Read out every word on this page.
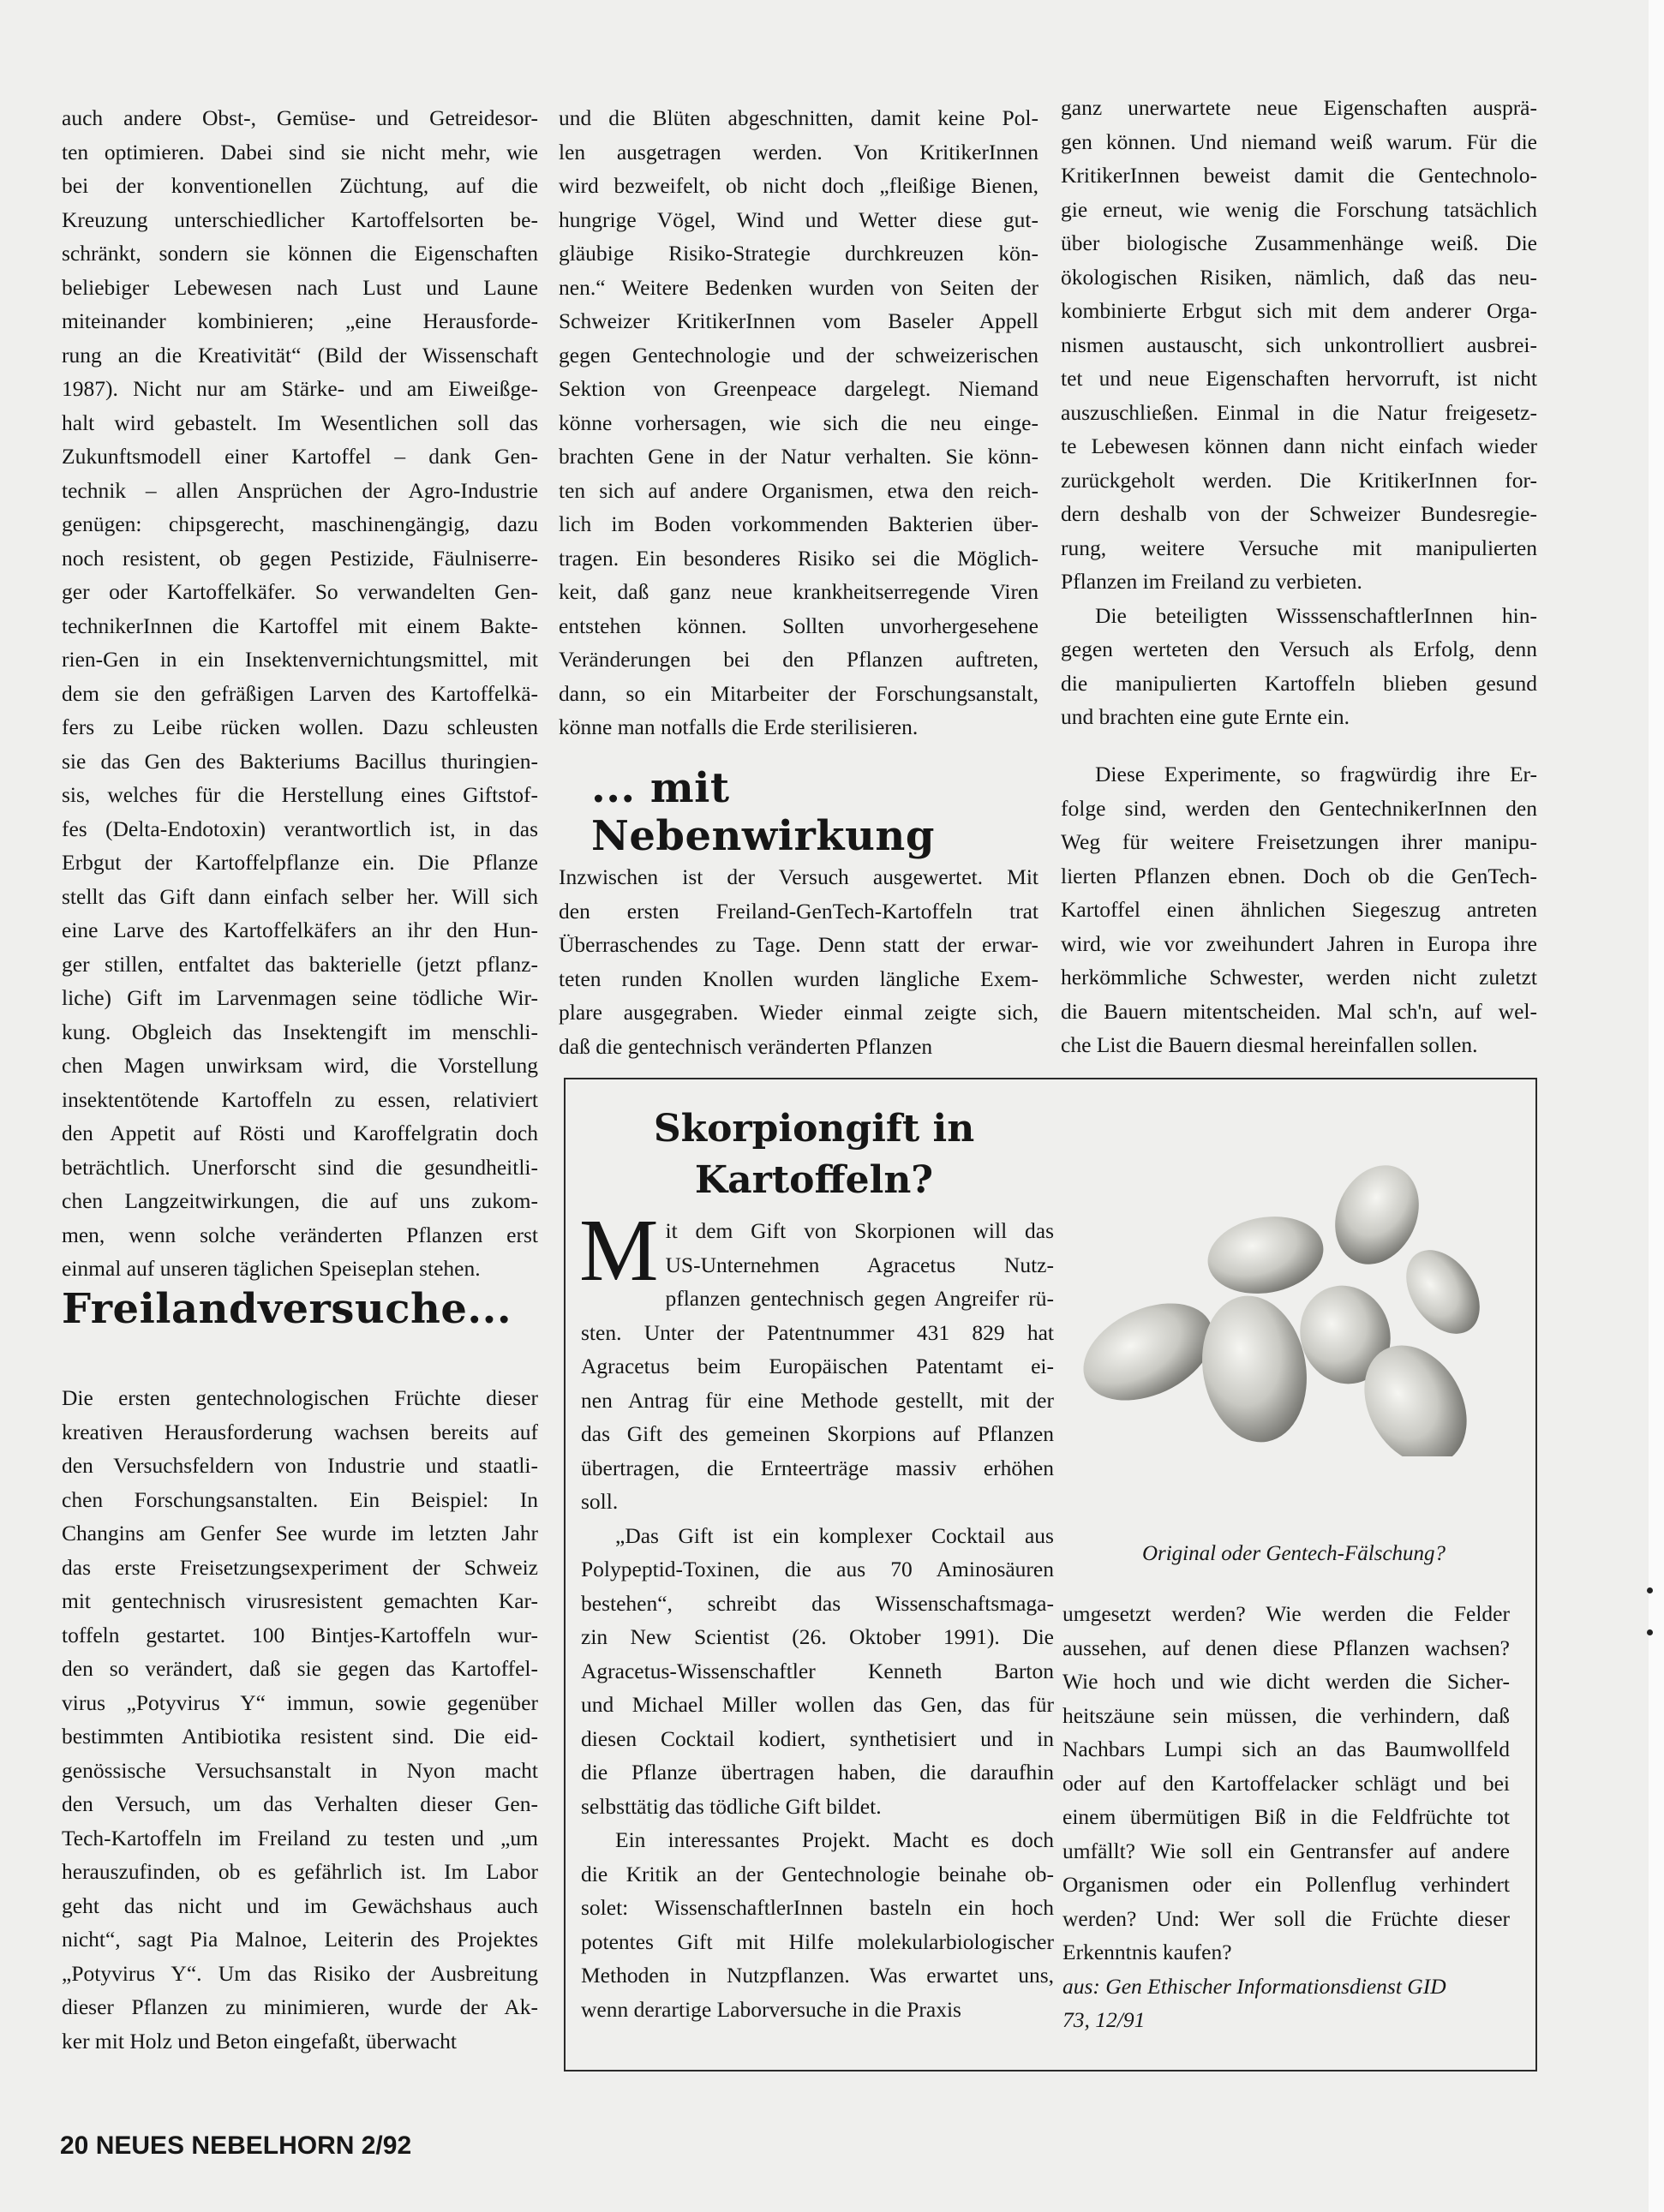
auch andere Obst-, Gemüse- und Getreidesor-
ten optimieren. Dabei sind sie nicht mehr, wie
bei der konventionellen Züchtung, auf die
Kreuzung unterschiedlicher Kartoffelsorten be-
schränkt, sondern sie können die Eigenschaften
beliebiger Lebewesen nach Lust und Laune
miteinander kombinieren; „eine Herausforde-
rung an die Kreativität“ (Bild der Wissenschaft
1987). Nicht nur am Stärke- und am Eiweißge-
halt wird gebastelt. Im Wesentlichen soll das
Zukunftsmodell einer Kartoffel – dank Gen-
technik – allen Ansprüchen der Agro-Industrie
genügen: chipsgerecht, maschinengängig, dazu
noch resistent, ob gegen Pestizide, Fäulniserre-
ger oder Kartoffelkäfer. So verwandelten Gen-
technikerInnen die Kartoffel mit einem Bakte-
rien-Gen in ein Insektenvernichtungsmittel, mit
dem sie den gefräßigen Larven des Kartoffelkä-
fers zu Leibe rücken wollen. Dazu schleusten
sie das Gen des Bakteriums Bacillus thuringien-
sis, welches für die Herstellung eines Giftstof-
fes (Delta-Endotoxin) verantwortlich ist, in das
Erbgut der Kartoffelpflanze ein. Die Pflanze
stellt das Gift dann einfach selber her. Will sich
eine Larve des Kartoffelkäfers an ihr den Hun-
ger stillen, entfaltet das bakterielle (jetzt pflanz-
liche) Gift im Larvenmagen seine tödliche Wir-
kung. Obgleich das Insektengift im menschli-
chen Magen unwirksam wird, die Vorstellung
insektentötende Kartoffeln zu essen, relativiert
den Appetit auf Rösti und Karoffelgratin doch
beträchtlich. Unerforscht sind die gesundheitli-
chen Langzeitwirkungen, die auf uns zukom-
men, wenn solche veränderten Pflanzen erst
einmal auf unseren täglichen Speiseplan stehen.
Freilandversuche...
Die ersten gentechnologischen Früchte dieser
kreativen Herausforderung wachsen bereits auf
den Versuchsfeldern von Industrie und staatli-
chen Forschungsanstalten. Ein Beispiel: In
Changins am Genfer See wurde im letzten Jahr
das erste Freisetzungsexperiment der Schweiz
mit gentechnisch virusresistent gemachten Kar-
toffeln gestartet. 100 Bintjes-Kartoffeln wur-
den so verändert, daß sie gegen das Kartoffel-
virus „Potyvirus Y“ immun, sowie gegenüber
bestimmten Antibiotika resistent sind. Die eid-
genössische Versuchsanstalt in Nyon macht
den Versuch, um das Verhalten dieser Gen-
Tech-Kartoffeln im Freiland zu testen und „um
herauszufinden, ob es gefährlich ist. Im Labor
geht das nicht und im Gewächshaus auch
nicht“, sagt Pia Malnoe, Leiterin des Projektes
„Potyvirus Y“. Um das Risiko der Ausbreitung
dieser Pflanzen zu minimieren, wurde der Ak-
ker mit Holz und Beton eingefaßt, überwacht
und die Blüten abgeschnitten, damit keine Pol-
len ausgetragen werden. Von KritikerInnen
wird bezweifelt, ob nicht doch „fleißige Bienen,
hungrige Vögel, Wind und Wetter diese gut-
gläubige Risiko-Strategie durchkreuzen kön-
nen.“ Weitere Bedenken wurden von Seiten der
Schweizer KritikerInnen vom Baseler Appell
gegen Gentechnologie und der schweizerischen
Sektion von Greenpeace dargelegt. Niemand
könne vorhersagen, wie sich die neu einge-
brachten Gene in der Natur verhalten. Sie könn-
ten sich auf andere Organismen, etwa den reich-
lich im Boden vorkommenden Bakterien über-
tragen. Ein besonderes Risiko sei die Möglich-
keit, daß ganz neue krankheitserregende Viren
entstehen können. Sollten unvorhergesehene
Veränderungen bei den Pflanzen auftreten,
dann, so ein Mitarbeiter der Forschungsanstalt,
könne man notfalls die Erde sterilisieren.
... mit Nebenwirkung
Inzwischen ist der Versuch ausgewertet. Mit
den ersten Freiland-GenTech-Kartoffeln trat
Überraschendes zu Tage. Denn statt der erwar-
teten runden Knollen wurden längliche Exem-
plare ausgegraben. Wieder einmal zeigte sich,
daß die gentechnisch veränderten Pflanzen
ganz unerwartete neue Eigenschaften ausprä-
gen können. Und niemand weiß warum. Für die
KritikerInnen beweist damit die Gentechnolo-
gie erneut, wie wenig die Forschung tatsächlich
über biologische Zusammenhänge weiß. Die
ökologischen Risiken, nämlich, daß das neu-
kombinierte Erbgut sich mit dem anderer Orga-
nismen austauscht, sich unkontrolliert ausbrei-
tet und neue Eigenschaften hervorruft, ist nicht
auszuschließen. Einmal in die Natur freigesetz-
te Lebewesen können dann nicht einfach wieder
zurückgeholt werden. Die KritikerInnen for-
dern deshalb von der Schweizer Bundesregie-
rung, weitere Versuche mit manipulierten
Pflanzen im Freiland zu verbieten.
Die beteiligten WisssenschaftlerInnen hin-
gegen werteten den Versuch als Erfolg, denn
die manipulierten Kartoffeln blieben gesund
und brachten eine gute Ernte ein.
Diese Experimente, so fragwürdig ihre Er-
folge sind, werden den GentechnikerInnen den
Weg für weitere Freisetzungen ihrer manipu-
lierten Pflanzen ebnen. Doch ob die GenTech-
Kartoffel einen ähnlichen Siegeszug antreten
wird, wie vor zweihundert Jahren in Europa ihre
herkömmliche Schwester, werden nicht zuletzt
die Bauern mitentscheiden. Mal sch'n, auf wel-
che List die Bauern diesmal hereinfallen sollen.
Skorpiongift in
Kartoffeln?
M it dem Gift von Skorpionen will das
US-Unternehmen Agracetus Nutz-
pflanzen gentechnisch gegen Angreifer rü-
sten. Unter der Patentnummer 431 829 hat
Agracetus beim Europäischen Patentamt ei-
nen Antrag für eine Methode gestellt, mit der
das Gift des gemeinen Skorpions auf Pflanzen
übertragen, die Ernteerträge massiv erhöhen
soll.
„Das Gift ist ein komplexer Cocktail aus
Polypeptid-Toxinen, die aus 70 Aminosäuren
bestehen“, schreibt das Wissenschaftsmaga-
zin New Scientist (26. Oktober 1991). Die
Agracetus-Wissenschaftler Kenneth Barton
und Michael Miller wollen das Gen, das für
diesen Cocktail kodiert, synthetisiert und in
die Pflanze übertragen haben, die daraufhin
selbsttätig das tödliche Gift bildet.
Ein interessantes Projekt. Macht es doch
die Kritik an der Gentechnologie beinahe ob-
solet: WissenschaftlerInnen basteln ein hoch
potentes Gift mit Hilfe molekularbiologischer
Methoden in Nutzpflanzen. Was erwartet uns,
wenn derartige Laborversuche in die Praxis
Original oder Gentech-Fälschung?
umgesetzt werden? Wie werden die Felder
aussehen, auf denen diese Pflanzen wachsen?
Wie hoch und wie dicht werden die Sicher-
heitszäune sein müssen, die verhindern, daß
Nachbars Lumpi sich an das Baumwollfeld
oder auf den Kartoffelacker schlägt und bei
einem übermütigen Biß in die Feldfrüchte tot
umfällt? Wie soll ein Gentransfer auf andere
Organismen oder ein Pollenflug verhindert
werden? Und: Wer soll die Früchte dieser
Erkenntnis kaufen?
aus: Gen Ethischer Informationsdienst GID
73, 12/91
20 NEUES NEBELHORN 2/92
